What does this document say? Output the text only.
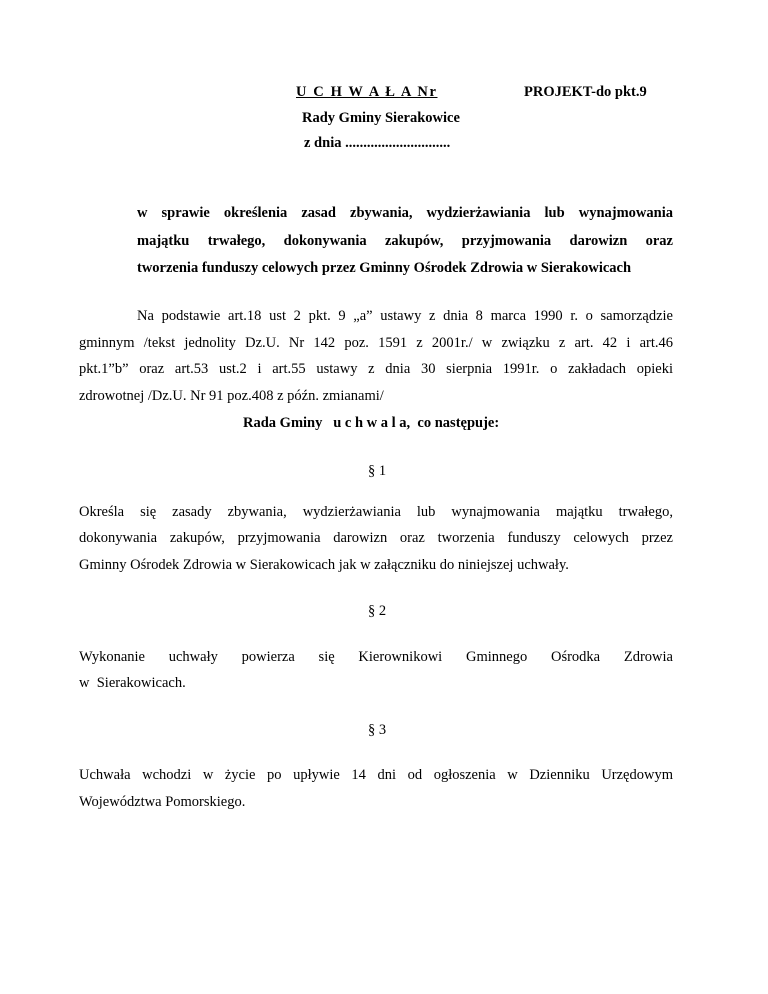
U C H W A Ł A Nr	PROJEKT-do pkt.9
Rady Gminy Sierakowice
z dnia .............................
w sprawie określenia zasad zbywania, wydzierżawiania lub wynajmowania
majątku trwałego, dokonywania zakupów, przyjmowania darowizn oraz
tworzenia funduszy celowych przez Gminny Ośrodek Zdrowia w Sierakowicach
Na podstawie art.18 ust 2 pkt. 9 „a” ustawy z dnia 8 marca 1990 r. o samorządzie
gminnym /tekst jednolity Dz.U. Nr 142 poz. 1591 z 2001r./ w związku z art. 42 i art.46
pkt.1”b” oraz art.53 ust.2 i art.55 ustawy z dnia 30 sierpnia 1991r. o zakładach opieki
zdrowotnej /Dz.U. Nr 91 poz.408 z późn. zmianami/
Rada Gminy   u c h w a l a,  co następuje:
§ 1
Określa się zasady zbywania, wydzierżawiania lub wynajmowania majątku trwałego,
dokonywania zakupów, przyjmowania darowizn oraz tworzenia funduszy celowych przez
Gminny Ośrodek Zdrowia w Sierakowicach jak w załączniku do niniejszej uchwały.
§ 2
Wykonanie uchwały powierza się Kierownikowi Gminnego Ośrodka Zdrowia
w  Sierakowicach.
§ 3
Uchwała wchodzi w życie po upływie 14 dni od ogłoszenia w Dzienniku Urzędowym
Województwa Pomorskiego.
